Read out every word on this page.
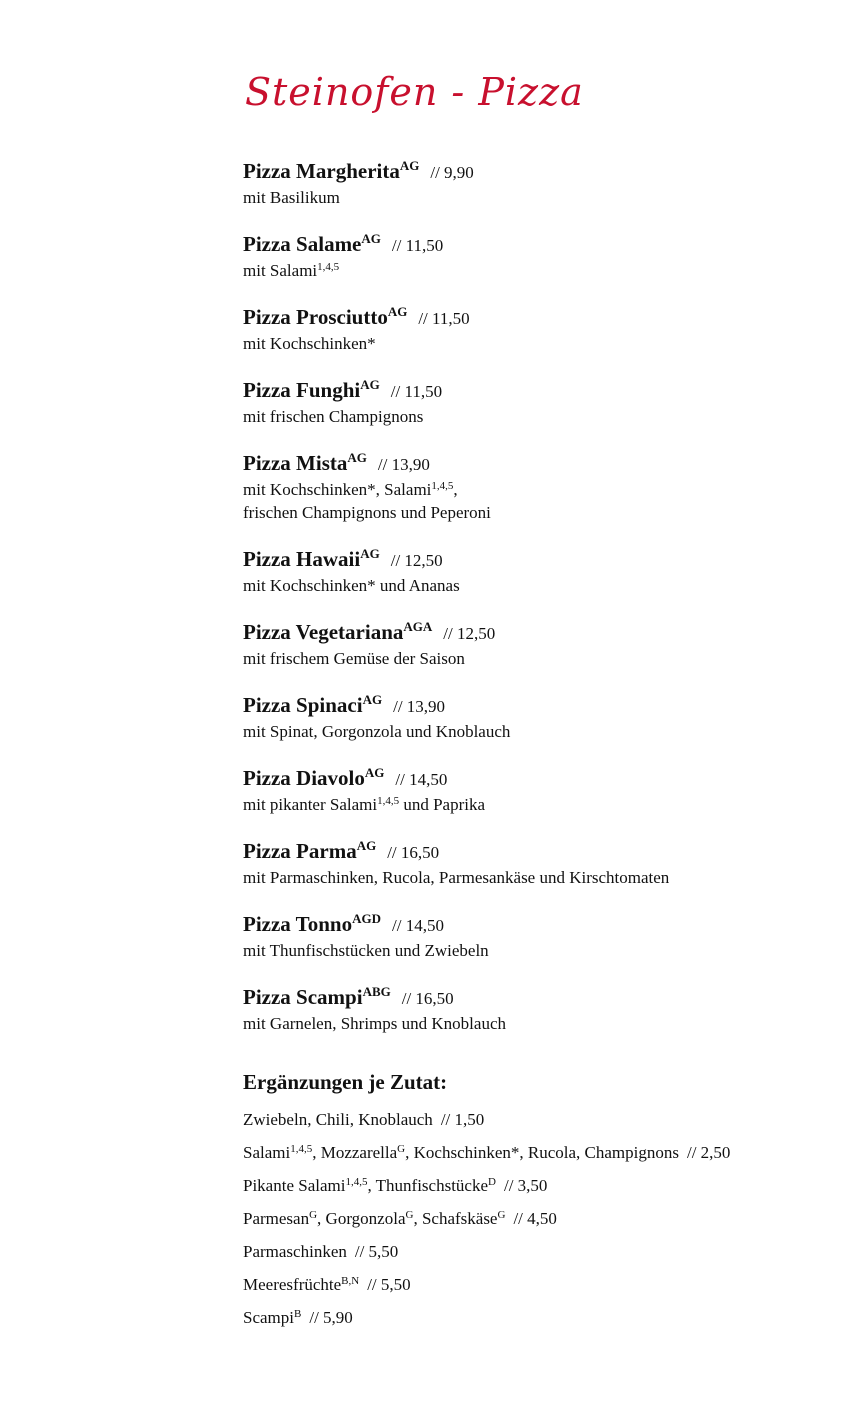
Steinofen - Pizza
Pizza Margherita$^{AG}$ // 9,90
mit Basilikum
Pizza Salame$^{AG}$ // 11,50
mit Salami$^{1,4,5}$
Pizza Prosciutto$^{AG}$ // 11,50
mit Kochschinken*
Pizza Funghi$^{AG}$ // 11,50
mit frischen Champignons
Pizza Mista$^{AG}$ // 13,90
mit Kochschinken*, Salami$^{1,4,5}$,
frischen Champignons und Peperoni
Pizza Hawaii$^{AG}$ // 12,50
mit Kochschinken* und Ananas
Pizza Vegetariana$^{AGA}$ // 12,50
mit frischem Gemüse der Saison
Pizza Spinaci$^{AG}$ // 13,90
mit Spinat, Gorgonzola und Knoblauch
Pizza Diavolo$^{AG}$ // 14,50
mit pikanter Salami$^{1,4,5}$ und Paprika
Pizza Parma$^{AG}$ // 16,50
mit Parmaschinken, Rucola, Parmesankäse und Kirschtomaten
Pizza Tonno$^{AGD}$ // 14,50
mit Thunfischstücken und Zwiebeln
Pizza Scampi$^{ABG}$ // 16,50
mit Garnelen, Shrimps und Knoblauch
Ergänzungen je Zutat:
Zwiebeln, Chili, Knoblauch // 1,50
Salami$^{1,4,5}$, Mozzarella$^G$, Kochschinken*, Rucola, Champignons // 2,50
Pikante Salami$^{1,4,5}$, Thunfischstücke$^D$ // 3,50
Parmesan$^G$, Gorgonzola$^G$, Schafskäse$^G$ // 4,50
Parmaschinken // 5,50
Meeresfrüchte$^{B,N}$ // 5,50
Scampi$^B$ // 5,90
